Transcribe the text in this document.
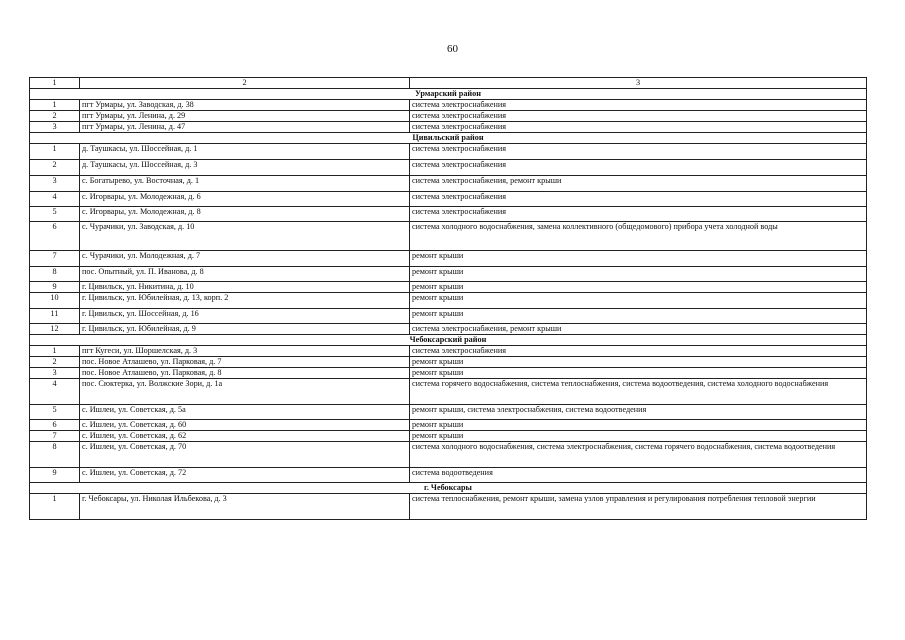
60
1	2	3
Урмарский район		
1	пгт Урмары, ул. Заводская, д. 38	система электроснабжения
2	пгт Урмары, ул. Ленина, д. 29	система электроснабжения
3	пгт Урмары, ул. Ленина, д. 47	система электроснабжения
Цивильский район		
1	д. Таушкасы, ул. Шоссейная, д. 1	система электроснабжения
2	д. Таушкасы, ул. Шоссейная, д. 3	система электроснабжения
3	с. Богатырево, ул. Восточная, д. 1	система электроснабжения, ремонт крыши
4	с. Игорвары, ул. Молодежная, д. 6	система электроснабжения
5	с. Игорвары, ул. Молодежная, д. 8	система электроснабжения
6	с. Чурачики, ул. Заводская, д. 10	система холодного водоснабжения, замена коллективного (общедомового) прибора учета холодной воды
7	с. Чурачики, ул. Молодежная, д. 7	ремонт крыши
8	пос. Опытный, ул. П. Иванова, д. 8	ремонт крыши
9	г. Цивильск, ул. Никитина, д. 10	ремонт крыши
10	г. Цивильск, ул. Юбилейная, д. 13, корп. 2	ремонт крыши
11	г. Цивильск, ул. Шоссейная, д. 16	ремонт крыши
12	г. Цивильск, ул. Юбилейная, д. 9	система электроснабжения, ремонт крыши
Чебоксарский район		
1	пгт Кугеси, ул. Шоршелская, д. 3	система электроснабжения
2	пос. Новое Атлашево, ул. Парковая, д. 7	ремонт крыши
3	пос. Новое Атлашево, ул. Парковая, д. 8	ремонт крыши
4	пос. Сюктерка, ул. Волжские Зори, д. 1а	система горячего водоснабжения, система теплоснабжения, система водоотведения, система холодного водоснабжения
5	с. Ишлеи, ул. Советская, д. 5а	ремонт крыши, система электроснабжения, система водоотведения
6	с. Ишлеи, ул. Советская, д. 60	ремонт крыши
7	с. Ишлеи, ул. Советская, д. 62	ремонт крыши
8	с. Ишлеи, ул. Советская, д. 70	система холодного водоснабжения, система электроснабжения, система горячего водоснабжения, система водоотведения
9	с. Ишлеи, ул. Советская, д. 72	система водоотведения
г. Чебоксары		
1	г. Чебоксары, ул. Николая Ильбекова, д. 3	система теплоснабжения, ремонт крыши, замена узлов управления и регулирования потребления тепловой энергии
